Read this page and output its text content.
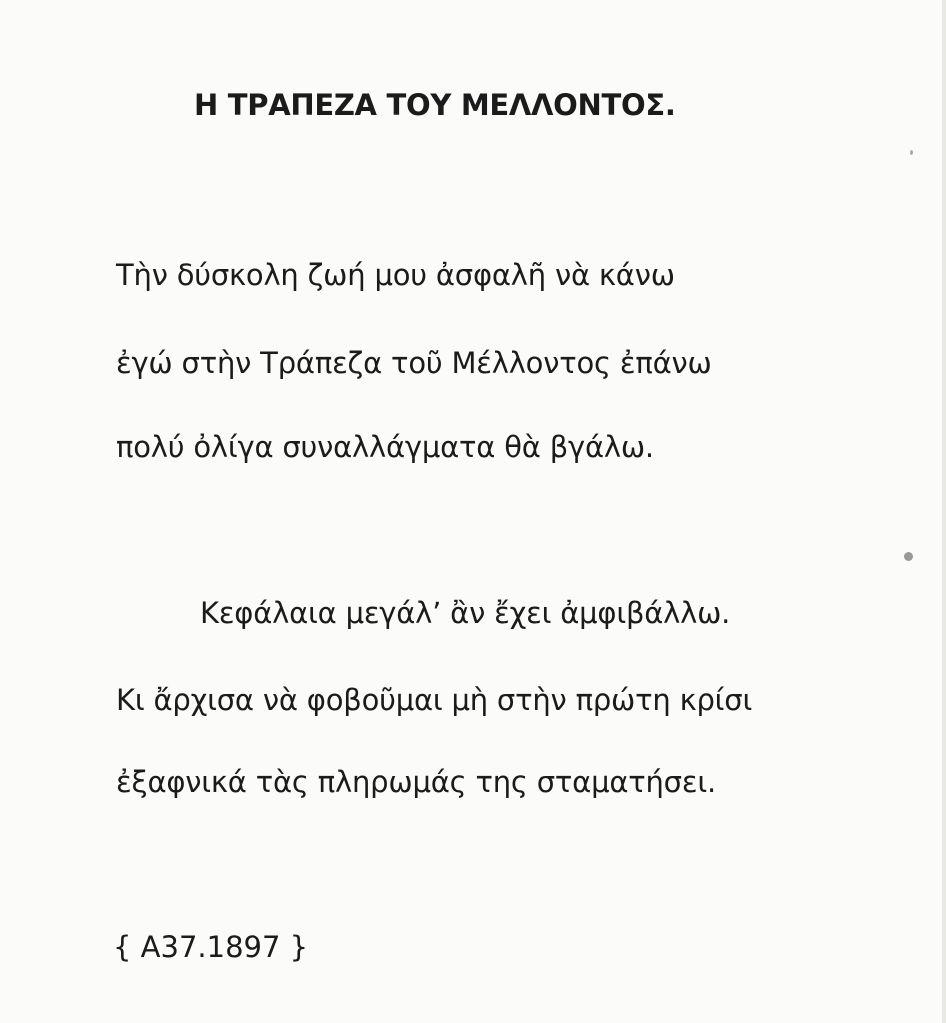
Η ΤΡΑΠΕΖΑ ΤΟΥ ΜΕΛΛΟΝΤΟΣ.
Τὴν δύσκολη ζωή μου ἀσφαλῆ νὰ κάνω
ἐγώ στὴν Τράπεζα τοῦ Μέλλοντος ἐπάνω
πολύ ὀλίγα συναλλάγματα θὰ βγάλω.
Κεφάλαια μεγάλ’ ἂν ἔχει ἀμφιβάλλω.
Κι ἄρχισα νὰ φοβοῦμαι μὴ στὴν πρώτη κρίσι
ἐξαφνικά τὰς πληρωμάς της σταματήσει.
{ Α37.1897 }
